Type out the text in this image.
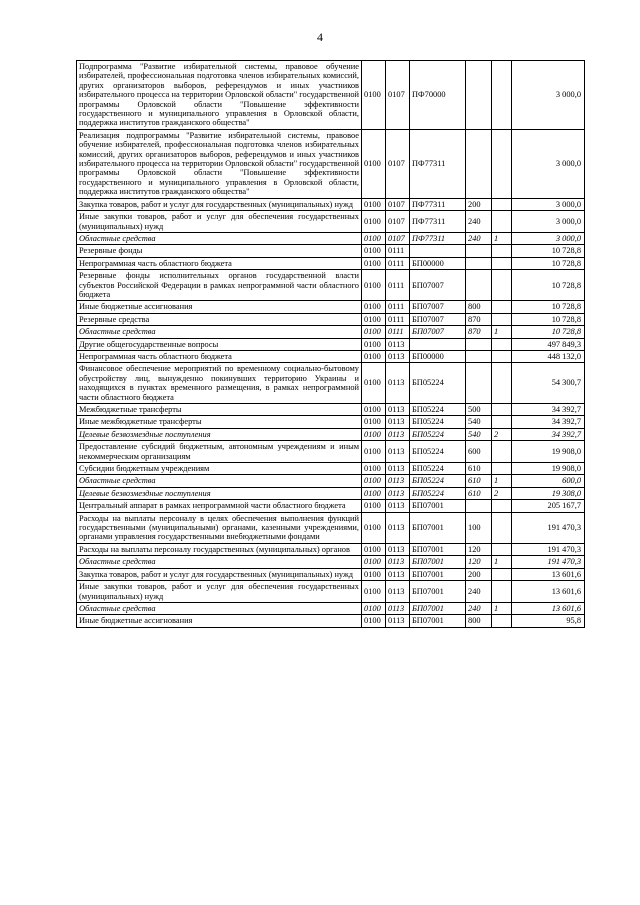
4
Подпрограмма "Развитие избирательной системы, правовое обучение избирателей, профессиональная подготовка членов избирательных комиссий, других организаторов выборов, референдумов и иных участников избирательного процесса на территории Орловской области" государственной программы Орловской области "Повышение эффективности государственного и муниципального управления в Орловской области, поддержка институтов гражданского общества"	0100	0107	ПФ70000			3 000,0
Реализация подпрограммы "Развитие избирательной системы, правовое обучение избирателей, профессиональная подготовка членов избирательных комиссий, других организаторов выборов, референдумов и иных участников избирательного процесса на территории Орловской области" государственной программы Орловской области "Повышение эффективности государственного и муниципального управления в Орловской области, поддержка институтов гражданского общества"	0100	0107	ПФ77311			3 000,0
Закупка товаров, работ и услуг для государственных (муниципальных) нужд	0100	0107	ПФ77311	200		3 000,0
Иные закупки товаров, работ и услуг для обеспечения государственных (муниципальных) нужд	0100	0107	ПФ77311	240		3 000,0
Областные средства	0100	0107	ПФ77311	240	1	3 000,0
Резервные фонды	0100	0111				10 728,8
Непрограммная часть областного бюджета	0100	0111	БП00000			10 728,8
Резервные фонды исполнительных органов государственной власти субъектов Российской Федерации в рамках непрограммной части областного бюджета	0100	0111	БП07007			10 728,8
Иные бюджетные ассигнования	0100	0111	БП07007	800		10 728,8
Резервные средства	0100	0111	БП07007	870		10 728,8
Областные средства	0100	0111	БП07007	870	1	10 728,8
Другие общегосударственные вопросы	0100	0113				497 849,3
Непрограммная часть областного бюджета	0100	0113	БП00000			448 132,0
Финансовое обеспечение мероприятий по временному социально-бытовому обустройству лиц, вынужденно покинувших территорию Украины и находящихся в пунктах временного размещения, в рамках непрограммной части областного бюджета	0100	0113	БП05224			54 300,7
Межбюджетные трансферты	0100	0113	БП05224	500		34 392,7
Иные межбюджетные трансферты	0100	0113	БП05224	540		34 392,7
Целевые безвозмездные поступления	0100	0113	БП05224	540	2	34 392,7
Предоставление субсидий бюджетным, автономным учреждениям и иным некоммерческим организациям	0100	0113	БП05224	600		19 908,0
Субсидии бюджетным учреждениям	0100	0113	БП05224	610		19 908,0
Областные средства	0100	0113	БП05224	610	1	600,0
Целевые безвозмездные поступления	0100	0113	БП05224	610	2	19 308,0
Центральный аппарат в рамках непрограммной части областного бюджета	0100	0113	БП07001			205 167,7
Расходы на выплаты персоналу в целях обеспечения выполнения функций государственными (муниципальными) органами, казенными учреждениями, органами управления государственными внебюджетными фондами	0100	0113	БП07001	100		191 470,3
Расходы на выплаты персоналу государственных (муниципальных) органов	0100	0113	БП07001	120		191 470,3
Областные средства	0100	0113	БП07001	120	1	191 470,3
Закупка товаров, работ и услуг для государственных (муниципальных) нужд	0100	0113	БП07001	200		13 601,6
Иные закупки товаров, работ и услуг для обеспечения государственных (муниципальных) нужд	0100	0113	БП07001	240		13 601,6
Областные средства	0100	0113	БП07001	240	1	13 601,6
Иные бюджетные ассигнования	0100	0113	БП07001	800		95,8
